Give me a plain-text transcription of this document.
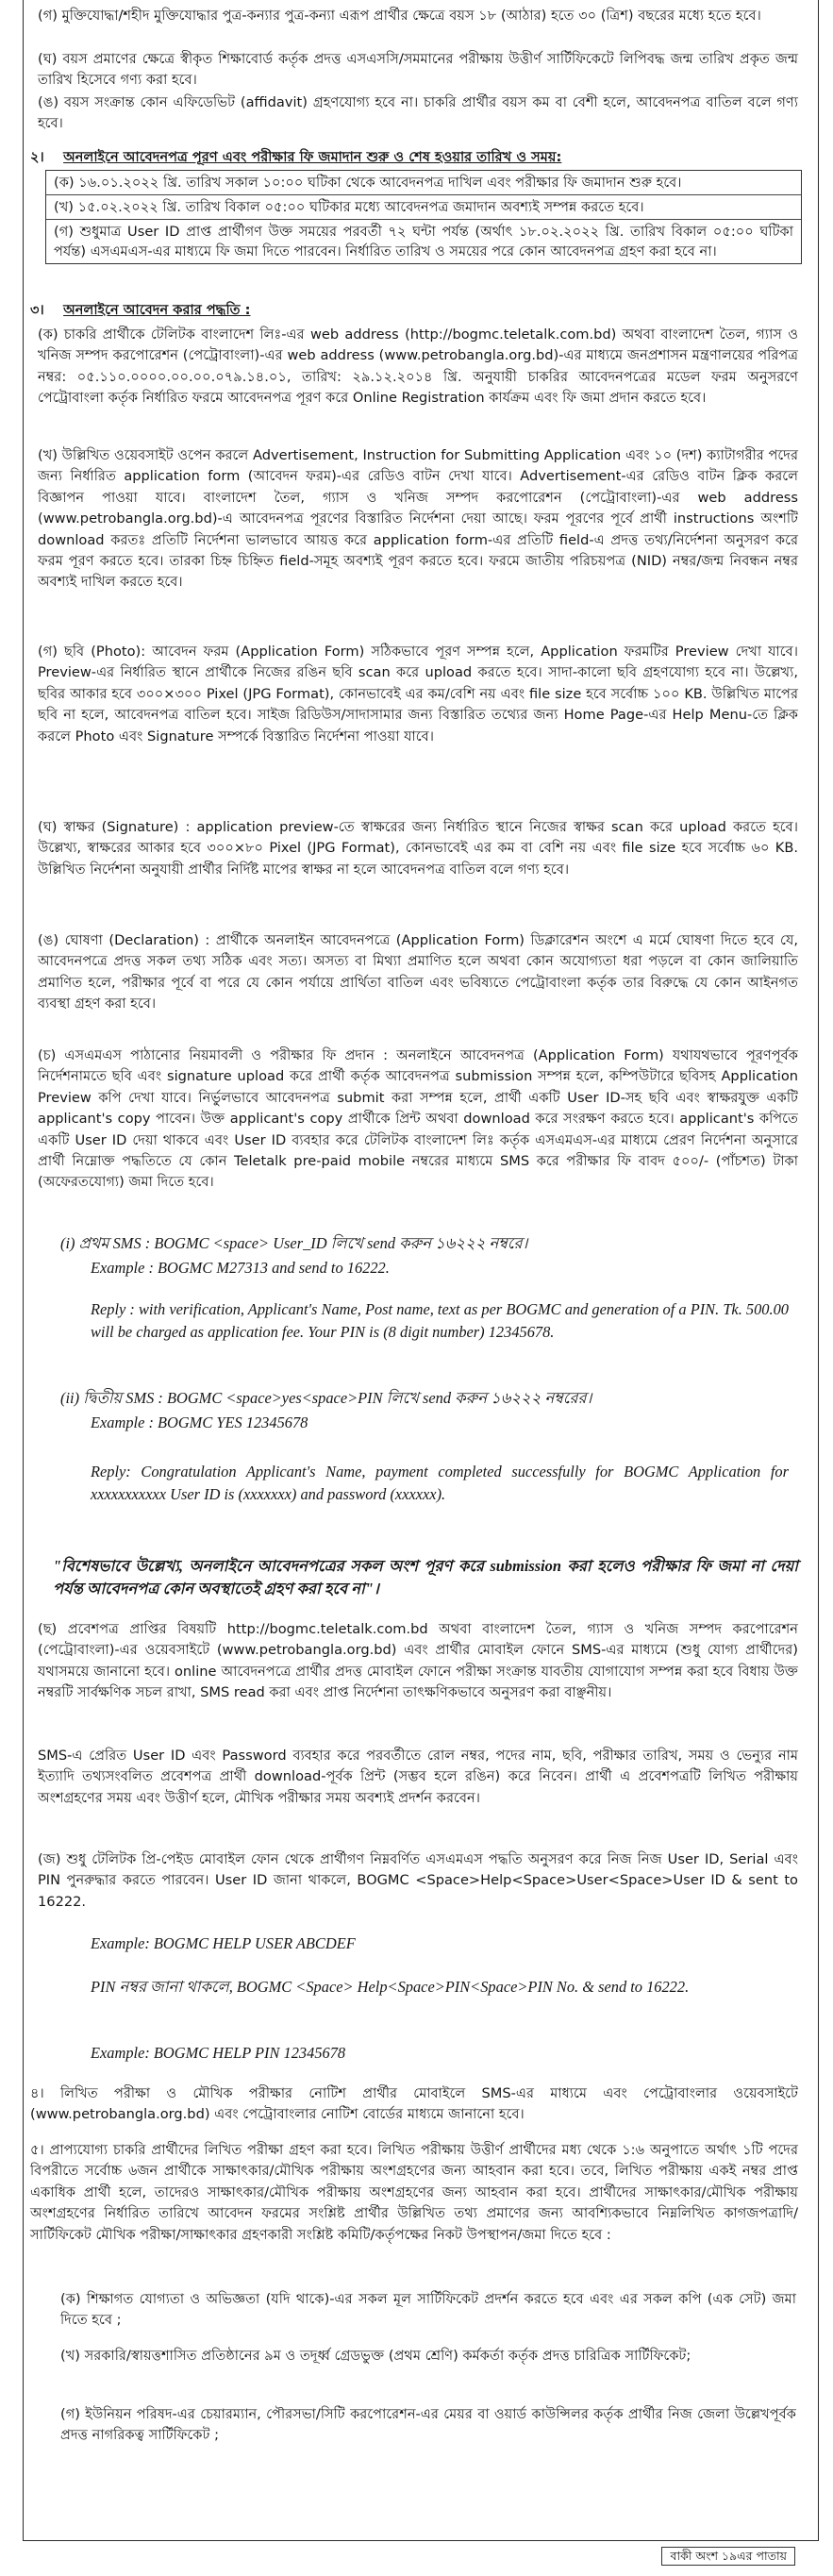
(গ) মুক্তিযোদ্ধা/শহীদ মুক্তিযোদ্ধার পুত্র-কন্যার পুত্র-কন্যা এরূপ প্রার্থীর ক্ষেত্রে বয়স ১৮ (আঠার) হতে ৩০ (ত্রিশ) বছরের মধ্যে হতে হবে।

(ঘ) বয়স প্রমাণের ক্ষেত্রে স্বীকৃত শিক্ষাবোর্ড কর্তৃক প্রদত্ত এসএসসি/সমমানের পরীক্ষায় উত্তীর্ণ সার্টিফিকেটে লিপিবদ্ধ জন্ম তারিখ প্রকৃত জন্ম তারিখ হিসেবে গণ্য করা হবে।

(ঙ) বয়স সংক্রান্ত কোন এফিডেভিট (affidavit) গ্রহণযোগ্য হবে না। চাকরি প্রার্থীর বয়স কম বা বেশী হলে, আবেদনপত্র বাতিল বলে গণ্য হবে।

২। অনলাইনে আবেদনপত্র পূরণ এবং পরীক্ষার ফি জমাদান শুরু ও শেষ হওয়ার তারিখ ও সময়:

(ক) ১৬.০১.২০২২ খ্রি. তারিখ সকাল ১০:০০ ঘটিকা থেকে আবেদনপত্র দাখিল এবং পরীক্ষার ফি জমাদান শুরু হবে।
(খ) ১৫.০২.২০২২ খ্রি. তারিখ বিকাল ০৫:০০ ঘটিকার মধ্যে আবেদনপত্র জমাদান অবশ্যই সম্পন্ন করতে হবে।
(গ) শুধুমাত্র User ID প্রাপ্ত প্রার্থীগণ উক্ত সময়ের পরবর্তী ৭২ ঘন্টা পর্যন্ত (অর্থাৎ ১৮.০২.২০২২ খ্রি. তারিখ বিকাল ০৫:০০ ঘটিকা পর্যন্ত) এসএমএস-এর মাধ্যমে ফি জমা দিতে পারবেন। নির্ধারিত তারিখ ও সময়ের পরে কোন আবেদনপত্র গ্রহণ করা হবে না।

৩। অনলাইনে আবেদন করার পদ্ধতি :

(ক) চাকরি প্রার্থীকে টেলিটক বাংলাদেশ লিঃ-এর web address (http://bogmc.teletalk.com.bd) অথবা বাংলাদেশ তৈল, গ্যাস ও খনিজ সম্পদ করপোরেশন (পেট্রোবাংলা)-এর web address (www.petrobangla.org.bd)-এর মাধ্যমে জনপ্রশাসন মন্ত্রণালয়ের পরিপত্র নম্বর: ০৫.১১০.০০০০.০০.০০.০৭৯.১৪.০১, তারিখ: ২৯.১২.২০১৪ খ্রি. অনুযায়ী চাকরির আবেদনপত্রের মডেল ফরম অনুসরণে পেট্রোবাংলা কর্তৃক নির্ধারিত ফরমে আবেদনপত্র পূরণ করে Online Registration কার্যক্রম এবং ফি জমা প্রদান করতে হবে।

(খ) উল্লিখিত ওয়েবসাইট ওপেন করলে Advertisement, Instruction for Submitting Application এবং ১০ (দশ) ক্যাটাগরীর পদের জন্য নির্ধারিত application form (আবেদন ফরম)-এর রেডিও বাটন দেখা যাবে। Advertisement-এর রেডিও বাটন ক্লিক করলে বিজ্ঞাপন পাওয়া যাবে। বাংলাদেশ তৈল, গ্যাস ও খনিজ সম্পদ করপোরেশন (পেট্রোবাংলা)-এর web address (www.petrobangla.org.bd)-এ আবেদনপত্র পূরণের বিস্তারিত নির্দেশনা দেয়া আছে। ফরম পূরণের পূর্বে প্রার্থী instructions অংশটি download করতঃ প্রতিটি নির্দেশনা ভালভাবে আয়ত্ত করে application form-এর প্রতিটি field-এ প্রদত্ত তথ্য/নির্দেশনা অনুসরণ করে ফরম পূরণ করতে হবে। তারকা চিহ্ন চিহ্নিত field-সমূহ অবশ্যই পূরণ করতে হবে। ফরমে জাতীয় পরিচয়পত্র (NID) নম্বর/জন্ম নিবন্ধন নম্বর অবশ্যই দাখিল করতে হবে।

(গ) ছবি (Photo): আবেদন ফরম (Application Form) সঠিকভাবে পূরণ সম্পন্ন হলে, Application ফরমটির Preview দেখা যাবে। Preview-এর নির্ধারিত স্থানে প্রার্থীকে নিজের রঙিন ছবি scan করে upload করতে হবে। সাদা-কালো ছবি গ্রহণযোগ্য হবে না। উল্লেখ্য, ছবির আকার হবে ৩০০×৩০০ Pixel (JPG Format), কোনভাবেই এর কম/বেশি নয় এবং file size হবে সর্বোচ্চ ১০০ KB. উল্লিখিত মাপের ছবি না হলে, আবেদনপত্র বাতিল হবে। সাইজ রিডিউস/সাদাসামার জন্য বিস্তারিত তথ্যের জন্য Home Page-এর Help Menu-তে ক্লিক করলে Photo এবং Signature সম্পর্কে বিস্তারিত নির্দেশনা পাওয়া যাবে।

(ঘ) স্বাক্ষর (Signature) : application preview-তে স্বাক্ষরের জন্য নির্ধারিত স্থানে নিজের স্বাক্ষর scan করে upload করতে হবে। উল্লেখ্য, স্বাক্ষরের আকার হবে ৩০০×৮০ Pixel (JPG Format), কোনভাবেই এর কম বা বেশি নয় এবং file size হবে সর্বোচ্চ ৬০ KB. উল্লিখিত নির্দেশনা অনুযায়ী প্রার্থীর নির্দিষ্ট মাপের স্বাক্ষর না হলে আবেদনপত্র বাতিল বলে গণ্য হবে।

(ঙ) ঘোষণা (Declaration) : প্রার্থীকে অনলাইন আবেদনপত্রে (Application Form) ডিক্লারেশন অংশে এ মর্মে ঘোষণা দিতে হবে যে, আবেদনপত্রে প্রদত্ত সকল তথ্য সঠিক এবং সত্য। অসত্য বা মিথ্যা প্রমাণিত হলে অথবা কোন অযোগ্যতা ধরা পড়লে বা কোন জালিয়াতি প্রমাণিত হলে, পরীক্ষার পূর্বে বা পরে যে কোন পর্যায়ে প্রার্থিতা বাতিল এবং ভবিষ্যতে পেট্রোবাংলা কর্তৃক তার বিরুদ্ধে যে কোন আইনগত ব্যবস্থা গ্রহণ করা হবে।

(চ) এসএমএস পাঠানোর নিয়মাবলী ও পরীক্ষার ফি প্রদান : অনলাইনে আবেদনপত্র (Application Form) যথাযথভাবে পূরণপূর্বক নির্দেশনামতে ছবি এবং signature upload করে প্রার্থী কর্তৃক আবেদনপত্র submission সম্পন্ন হলে, কম্পিউটারে ছবিসহ Application Preview কপি দেখা যাবে। নির্ভুলভাবে আবেদনপত্র submit করা সম্পন্ন হলে, প্রার্থী একটি User ID-সহ ছবি এবং স্বাক্ষরযুক্ত একটি applicant's copy পাবেন। উক্ত applicant's copy প্রার্থীকে প্রিন্ট অথবা download করে সংরক্ষণ করতে হবে। applicant's কপিতে একটি User ID দেয়া থাকবে এবং User ID ব্যবহার করে টেলিটক বাংলাদেশ লিঃ কর্তৃক এসএমএস-এর মাধ্যমে প্রেরণ নির্দেশনা অনুসারে প্রার্থী নিম্নোক্ত পদ্ধতিতে যে কোন Teletalk pre-paid mobile নম্বরের মাধ্যমে SMS করে পরীক্ষার ফি বাবদ ৫০০/- (পাঁচশত) টাকা (অফেরতযোগ্য) জমা দিতে হবে।

(i) প্রথম SMS : BOGMC <space> User_ID লিখে send করুন ১৬২২২ নম্বরে।

Example : BOGMC M27313 and send to 16222.

Reply : with verification, Applicant's Name, Post name, text as per BOGMC and generation of a PIN. Tk. 500.00 will be charged as application fee. Your PIN is (8 digit number) 12345678.

(ii) দ্বিতীয় SMS : BOGMC <space>yes<space>PIN লিখে send করুন ১৬২২২ নম্বরের।

Example : BOGMC YES 12345678

Reply: Congratulation Applicant's Name, payment completed successfully for BOGMC Application for xxxxxxxxxxx User ID is (xxxxxxx) and password (xxxxxx).

"বিশেষভাবে উল্লেখ্য, অনলাইনে আবেদনপত্রের সকল অংশ পূরণ করে submission করা হলেও পরীক্ষার ফি জমা না দেয়া পর্যন্ত আবেদনপত্র কোন অবস্থাতেই গ্রহণ করা হবে না"।

(ছ) প্রবেশপত্র প্রাপ্তির বিষয়টি http://bogmc.teletalk.com.bd অথবা বাংলাদেশ তৈল, গ্যাস ও খনিজ সম্পদ করপোরেশন (পেট্রোবাংলা)-এর ওয়েবসাইটে (www.petrobangla.org.bd) এবং প্রার্থীর মোবাইল ফোনে SMS-এর মাধ্যমে (শুধু যোগ্য প্রার্থীদের) যথাসময়ে জানানো হবে। online আবেদনপত্রে প্রার্থীর প্রদত্ত মোবাইল ফোনে পরীক্ষা সংক্রান্ত যাবতীয় যোগাযোগ সম্পন্ন করা হবে বিধায় উক্ত নম্বরটি সার্বক্ষণিক সচল রাখা, SMS read করা এবং প্রাপ্ত নির্দেশনা তাৎক্ষণিকভাবে অনুসরণ করা বাঞ্ছনীয়।

SMS-এ প্রেরিত User ID এবং Password ব্যবহার করে পরবর্তীতে রোল নম্বর, পদের নাম, ছবি, পরীক্ষার তারিখ, সময় ও ভেন্যুর নাম ইত্যাদি তথ্যসংবলিত প্রবেশপত্র প্রার্থী download-পূর্বক প্রিন্ট (সম্ভব হলে রঙিন) করে নিবেন। প্রার্থী এ প্রবেশপত্রটি লিখিত পরীক্ষায় অংশগ্রহণের সময় এবং উত্তীর্ণ হলে, মৌখিক পরীক্ষার সময় অবশ্যই প্রদর্শন করবেন।

(জ) শুধু টেলিটক প্রি-পেইড মোবাইল ফোন থেকে প্রার্থীগণ নিম্নবর্ণিত এসএমএস পদ্ধতি অনুসরণ করে নিজ নিজ User ID, Serial এবং PIN পুনরুদ্ধার করতে পারবেন। User ID জানা থাকলে, BOGMC <Space>Help<Space>User<Space>User ID & sent to 16222.

Example: BOGMC HELP USER ABCDEF

PIN নম্বর জানা থাকলে, BOGMC <Space> Help<Space>PIN<Space>PIN No. & send to 16222.

Example: BOGMC HELP PIN 12345678

৪। লিখিত পরীক্ষা ও মৌখিক পরীক্ষার নোটিশ প্রার্থীর মোবাইলে SMS-এর মাধ্যমে এবং পেট্রোবাংলার ওয়েবসাইটে (www.petrobangla.org.bd) এবং পেট্রোবাংলার নোটিশ বোর্ডের মাধ্যমে জানানো হবে।

৫। প্রাপ্যযোগ্য চাকরি প্রার্থীদের লিখিত পরীক্ষা গ্রহণ করা হবে। লিখিত পরীক্ষায় উত্তীর্ণ প্রার্থীদের মধ্য থেকে ১:৬ অনুপাতে অর্থাৎ ১টি পদের বিপরীতে সর্বোচ্চ ৬জন প্রার্থীকে সাক্ষাৎকার/মৌখিক পরীক্ষায় অংশগ্রহণের জন্য আহবান করা হবে। তবে, লিখিত পরীক্ষায় একই নম্বর প্রাপ্ত একাধিক প্রার্থী হলে, তাদেরও সাক্ষাৎকার/মৌখিক পরীক্ষায় অংশগ্রহণের জন্য আহবান করা হবে। প্রার্থীদের সাক্ষাৎকার/মৌখিক পরীক্ষায় অংশগ্রহণের নির্ধারিত তারিখে আবেদন ফরমের সংশ্লিষ্ট প্রার্থীর উল্লিখিত তথ্য প্রমাণের জন্য আবশ্যিকভাবে নিম্নলিখিত কাগজপত্রাদি/সার্টিফিকেট মৌখিক পরীক্ষা/সাক্ষাৎকার গ্রহণকারী সংশ্লিষ্ট কমিটি/কর্তৃপক্ষের নিকট উপস্থাপন/জমা দিতে হবে :

(ক) শিক্ষাগত যোগ্যতা ও অভিজ্ঞতা (যদি থাকে)-এর সকল মূল সার্টিফিকেট প্রদর্শন করতে হবে এবং এর সকল কপি (এক সেট) জমা দিতে হবে ;

(খ) সরকারি/স্বায়ত্তশাসিত প্রতিষ্ঠানের ৯ম ও তদূর্ধ্ব গ্রেডভুক্ত (প্রথম শ্রেণি) কর্মকর্তা কর্তৃক প্রদত্ত চারিত্রিক সার্টিফিকেট;

(গ) ইউনিয়ন পরিষদ-এর চেয়ারম্যান, পৌরসভা/সিটি করপোরেশন-এর মেয়র বা ওয়ার্ড কাউন্সিলর কর্তৃক প্রার্থীর নিজ জেলা উল্লেখপূর্বক প্রদত্ত নাগরিকত্ব সার্টিফিকেট ;

বাকী অংশ ১৯এর পাতায়
